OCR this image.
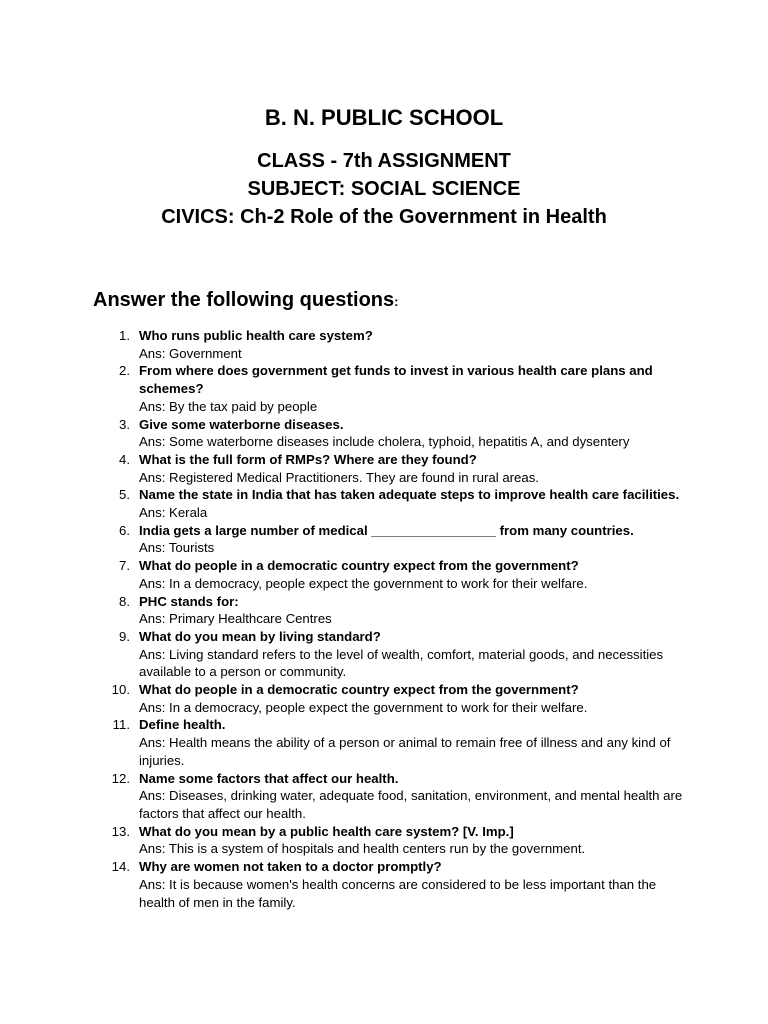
B. N. PUBLIC SCHOOL
CLASS - 7th ASSIGNMENT
SUBJECT: SOCIAL SCIENCE
CIVICS: Ch-2 Role of the Government in Health
Answer the following questions:
1. Who runs public health care system?
Ans: Government
2. From where does government get funds to invest in various health care plans and schemes?
Ans: By the tax paid by people
3. Give some waterborne diseases.
Ans: Some waterborne diseases include cholera, typhoid, hepatitis A, and dysentery
4. What is the full form of RMPs? Where are they found?
Ans: Registered Medical Practitioners. They are found in rural areas.
5. Name the state in India that has taken adequate steps to improve health care facilities.
Ans: Kerala
6. India gets a large number of medical _________________ from many countries.
Ans: Tourists
7. What do people in a democratic country expect from the government?
Ans: In a democracy, people expect the government to work for their welfare.
8. PHC stands for:
Ans: Primary Healthcare Centres
9. What do you mean by living standard?
Ans: Living standard refers to the level of wealth, comfort, material goods, and necessities available to a person or community.
10. What do people in a democratic country expect from the government?
Ans: In a democracy, people expect the government to work for their welfare.
11. Define health.
Ans: Health means the ability of a person or animal to remain free of illness and any kind of injuries.
12. Name some factors that affect our health.
Ans: Diseases, drinking water, adequate food, sanitation, environment, and mental health are factors that affect our health.
13. What do you mean by a public health care system? [V. Imp.]
Ans: This is a system of hospitals and health centers run by the government.
14. Why are women not taken to a doctor promptly?
Ans: It is because women's health concerns are considered to be less important than the health of men in the family.
